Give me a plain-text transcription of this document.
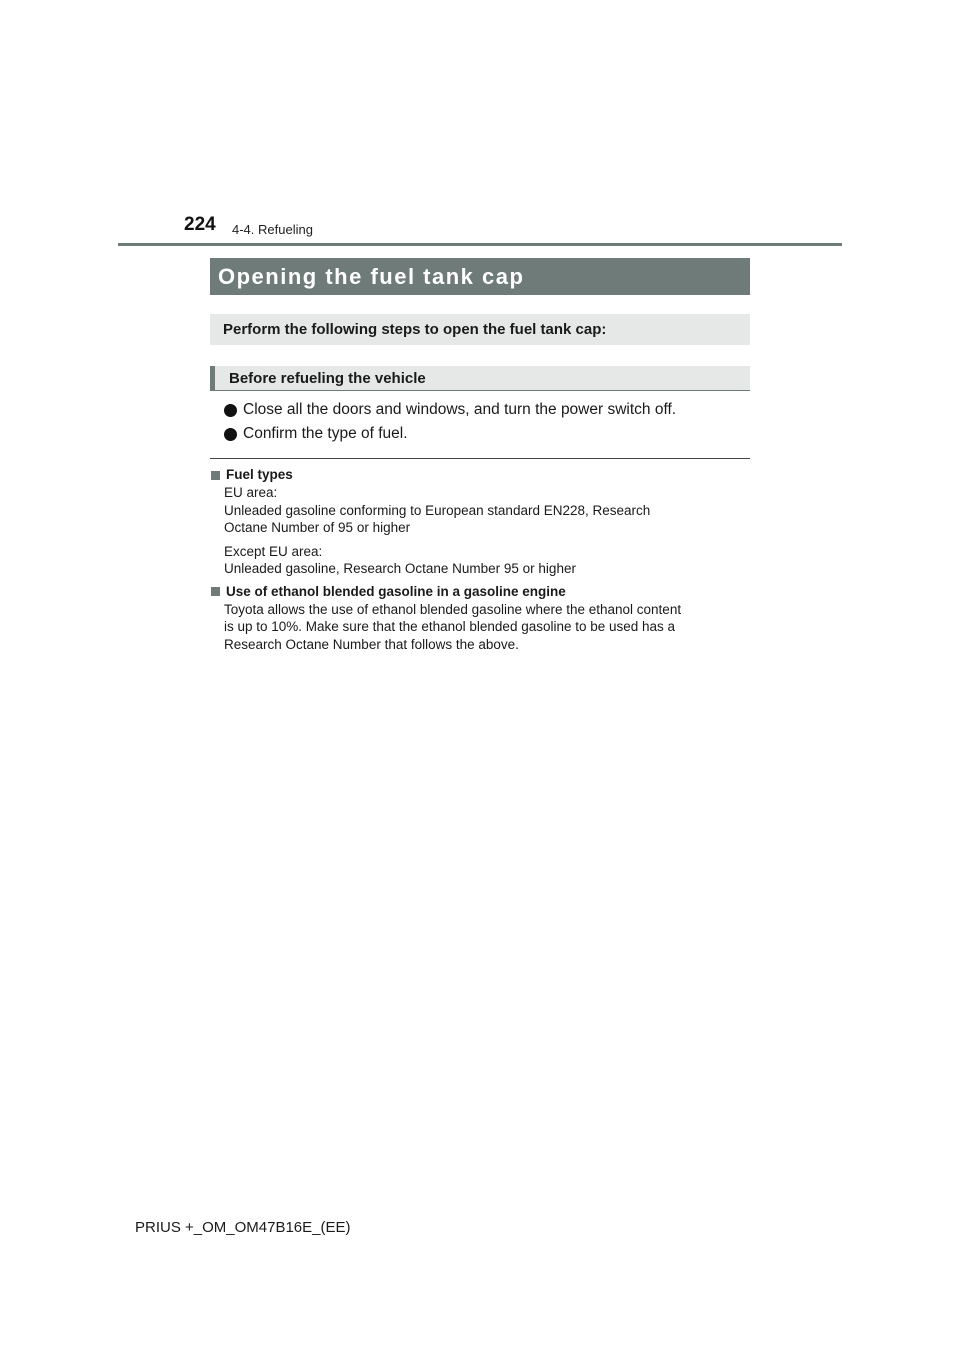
224 4-4. Refueling
Opening the fuel tank cap
Perform the following steps to open the fuel tank cap:
Before refueling the vehicle
Close all the doors and windows, and turn the power switch off.
Confirm the type of fuel.
Fuel types

EU area:

Unleaded gasoline conforming to European standard EN228, Research

Octane Number of 95 or higher

Except EU area:

Unleaded gasoline, Research Octane Number 95 or higher

Use of ethanol blended gasoline in a gasoline engine

Toyota allows the use of ethanol blended gasoline where the ethanol content

is up to 10%. Make sure that the ethanol blended gasoline to be used has a

Research Octane Number that follows the above.

PRIUS +_OM_OM47B16E_(EE)
